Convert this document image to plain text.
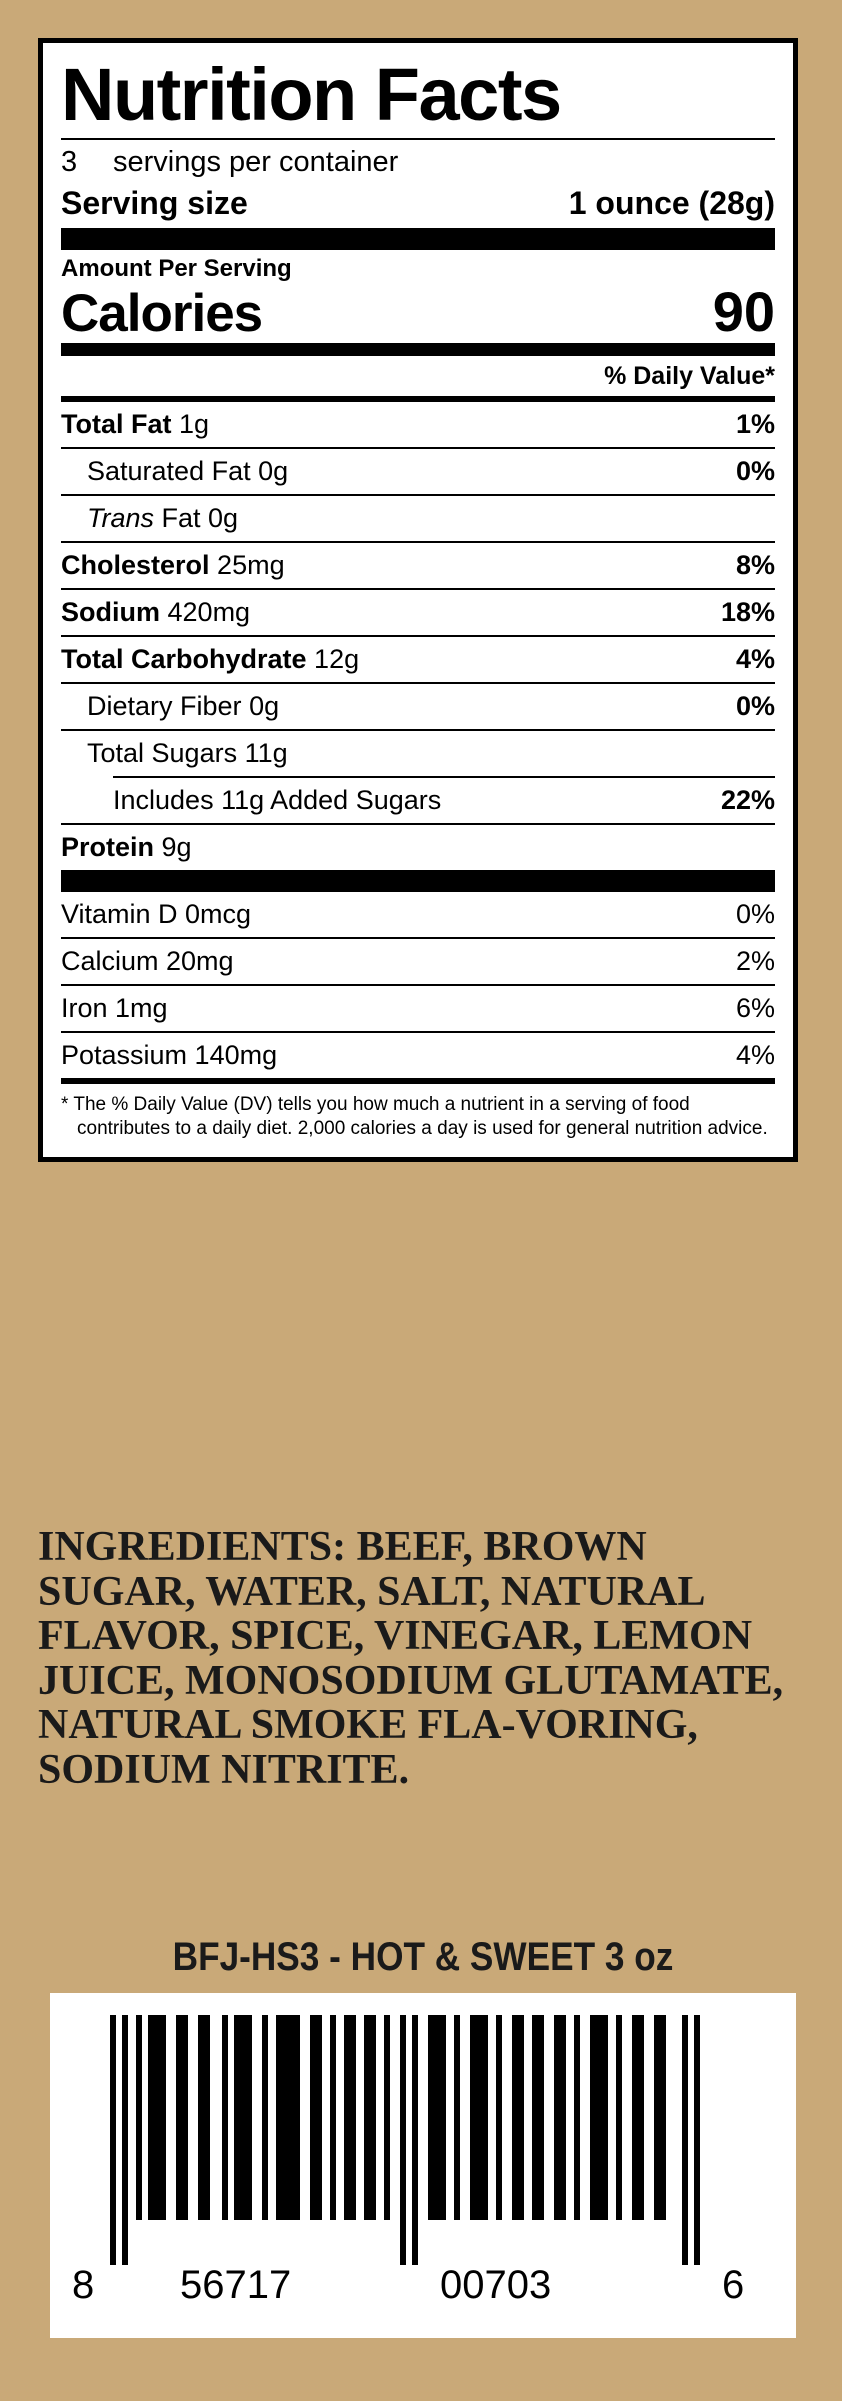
Nutrition Facts
3	servings per container
Serving size	1 ounce (28g)
Amount Per Serving
Calories	90
% Daily Value*
Total Fat 1g	1%
Saturated Fat 0g	0%
Trans Fat 0g
Cholesterol 25mg	8%
Sodium 420mg	18%
Total Carbohydrate 12g	4%
Dietary Fiber 0g	0%
Total Sugars 11g
Includes 11g Added Sugars	22%
Protein 9g
Vitamin D 0mcg	0%
Calcium 20mg	2%
Iron 1mg	6%
Potassium 140mg	4%
* The % Daily Value (DV) tells you how much a nutrient in a serving of food contributes to a daily diet. 2,000 calories a day is used for general nutrition advice.
INGREDIENTS: BEEF, BROWN SUGAR, WATER, SALT, NATURAL FLAVOR, SPICE, VINEGAR, LEMON JUICE, MONOSODIUM GLUTAMATE, NATURAL SMOKE FLA-VORING, SODIUM NITRITE.
BFJ-HS3 - HOT & SWEET 3 oz
8 56717	00703	6
